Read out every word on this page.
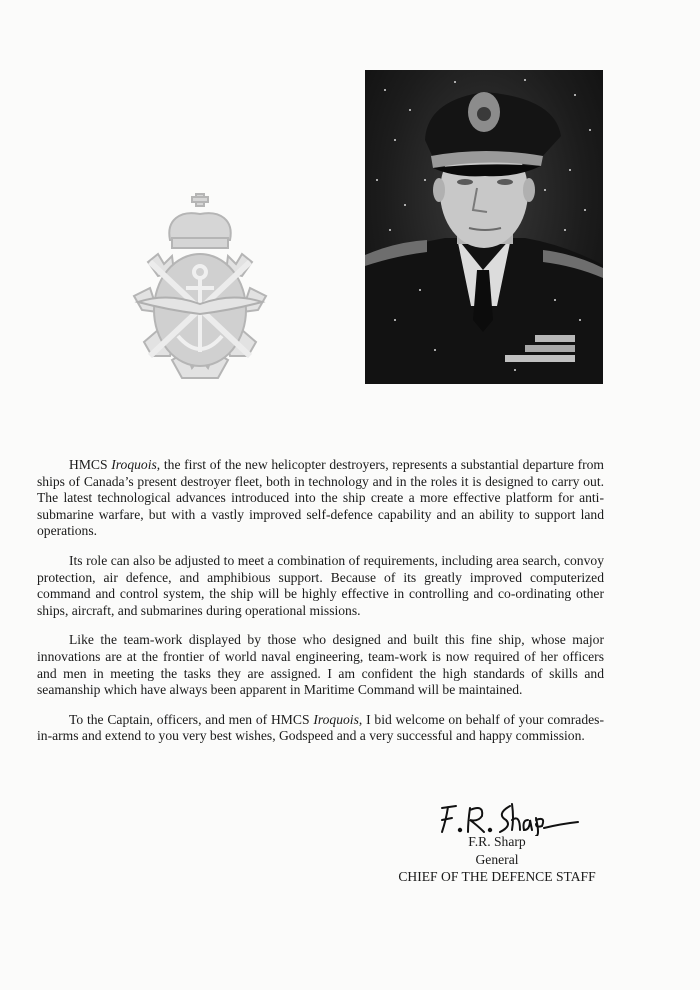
HMCS Iroquois, the first of the new helicopter destroyers, represents a substantial departure from ships of Canada’s present destroyer fleet, both in technology and in the roles it is designed to carry out. The latest technological advances introduced into the ship create a more effective platform for anti-submarine warfare, but with a vastly improved self-defence capability and an ability to support land operations.

Its role can also be adjusted to meet a combination of requirements, including area search, convoy protection, air defence, and amphibious support. Because of its greatly improved computerized command and control system, the ship will be highly effective in controlling and co-ordinating other ships, aircraft, and submarines during operational missions.

Like the team-work displayed by those who designed and built this fine ship, whose major innovations are at the frontier of world naval engineering, team-work is now required of her officers and men in meeting the tasks they are assigned. I am confident the high standards of skills and seamanship which have always been apparent in Maritime Command will be maintained.

To the Captain, officers, and men of HMCS Iroquois, I bid welcome on behalf of your comrades-in-arms and extend to you very best wishes, Godspeed and a very successful and happy commission.

F.R. Sharp
General
CHIEF OF THE DEFENCE STAFF
